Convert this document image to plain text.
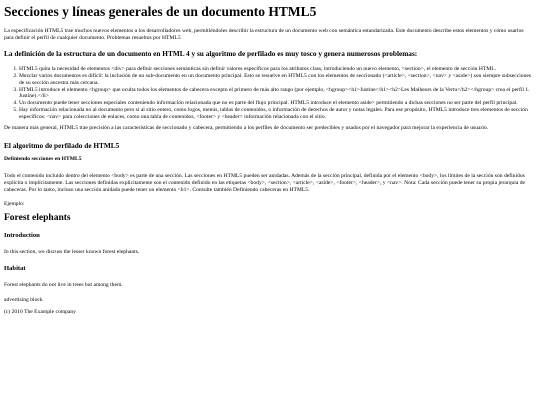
Secciones y líneas generales de un documento HTML5

La especificación HTML5 trae muchos nuevos elementos a los desarrolladores web, permitiéndoles describir la estructura de un documento web con semántica estandarizada. Este documento describe estos elementos y cómo usarlos para definir el perfil de cualquier documento. Problemas resueltos por HTML5

La definición de la estructura de un documento en HTML 4 y su algoritmo de perfilado es muy tosco y genera numerosos problemas:
1. HTML5 quita la necesidad de elementos <div> para definir secciones semánticas sin definir valores específicos para los atributos class, introduciendo un nuevo elemento, <section>, el elemento de sección HTML.
2. Mezclar varios documentos es difícil: la inclusión de un sub-documento en un documento principal. Esto se resuelve en HTML5 con los elementos de seccionado (<article>, <section>, <nav> y <aside>) son siempre subsecciones de su sección ancestra más cercana.
3. HTML5 introduce el elemento <hgroup> que oculta todos los elementos de cabecera excepto el primero de más alto rango (por ejemplo, <hgroup><h1>Justine</h1><h2>Les Malheurs de la Vertu</h2></hgroup> crea el perfil 1. Justine).</li>
4. Un documento puede tener secciones especiales conteniendo información relacionada que no es parte del flujo principal. HTML5 introduce el elemento aside> permitiendo a dichas secciones no ser parte del perfil principal.
5. Hay información relacionada no al documento pero sí al sitio entero, como logos, menús, tablas de contenidos, o información de derechos de autor y notas legales. Para ese propósito, HTML5 introduce tres elementos de sección específicos: <nav> para colecciones de enlaces, como una tabla de contenidos, <footer> y <header> información relacionada con el sitio.

De manera más general, HTML5 trae precisión a las características de seccionado y cabecera, permitiendo a los perfiles de documento ser predecibles y usados por el navegador para mejorar la experiencia de usuario.

El algoritmo de perfilado de HTML5
Definiendo secciones en HTML5

Todo el contenido incluido dentro del elemento <body> es parte de una sección. Las secciones en HTML5 pueden ser anidadas. Además de la sección principal, definida por el elemento <body>, los límites de la sección son definidos explícita o implícitamente. Las secciones definidas explícitamente son el contenido definido en las etiquetas <body>, <section>, <article>, <aside>, <footer>, <header>, y <nav>. Nota: Cada sección puede tener su propia jerarquía de cabeceras. Por lo tanto, incluso una sección anidada puede tener un elemento <h1>. Consulte también Definiendo cabeceras en HTML5.

Ejemplo:

Forest elephants
Introduction

In this section, we discuss the lesser known forest elephants.

Habitat

Forest elephants do not live in trees but among them.

advertising block

(c) 2010 The Example company
